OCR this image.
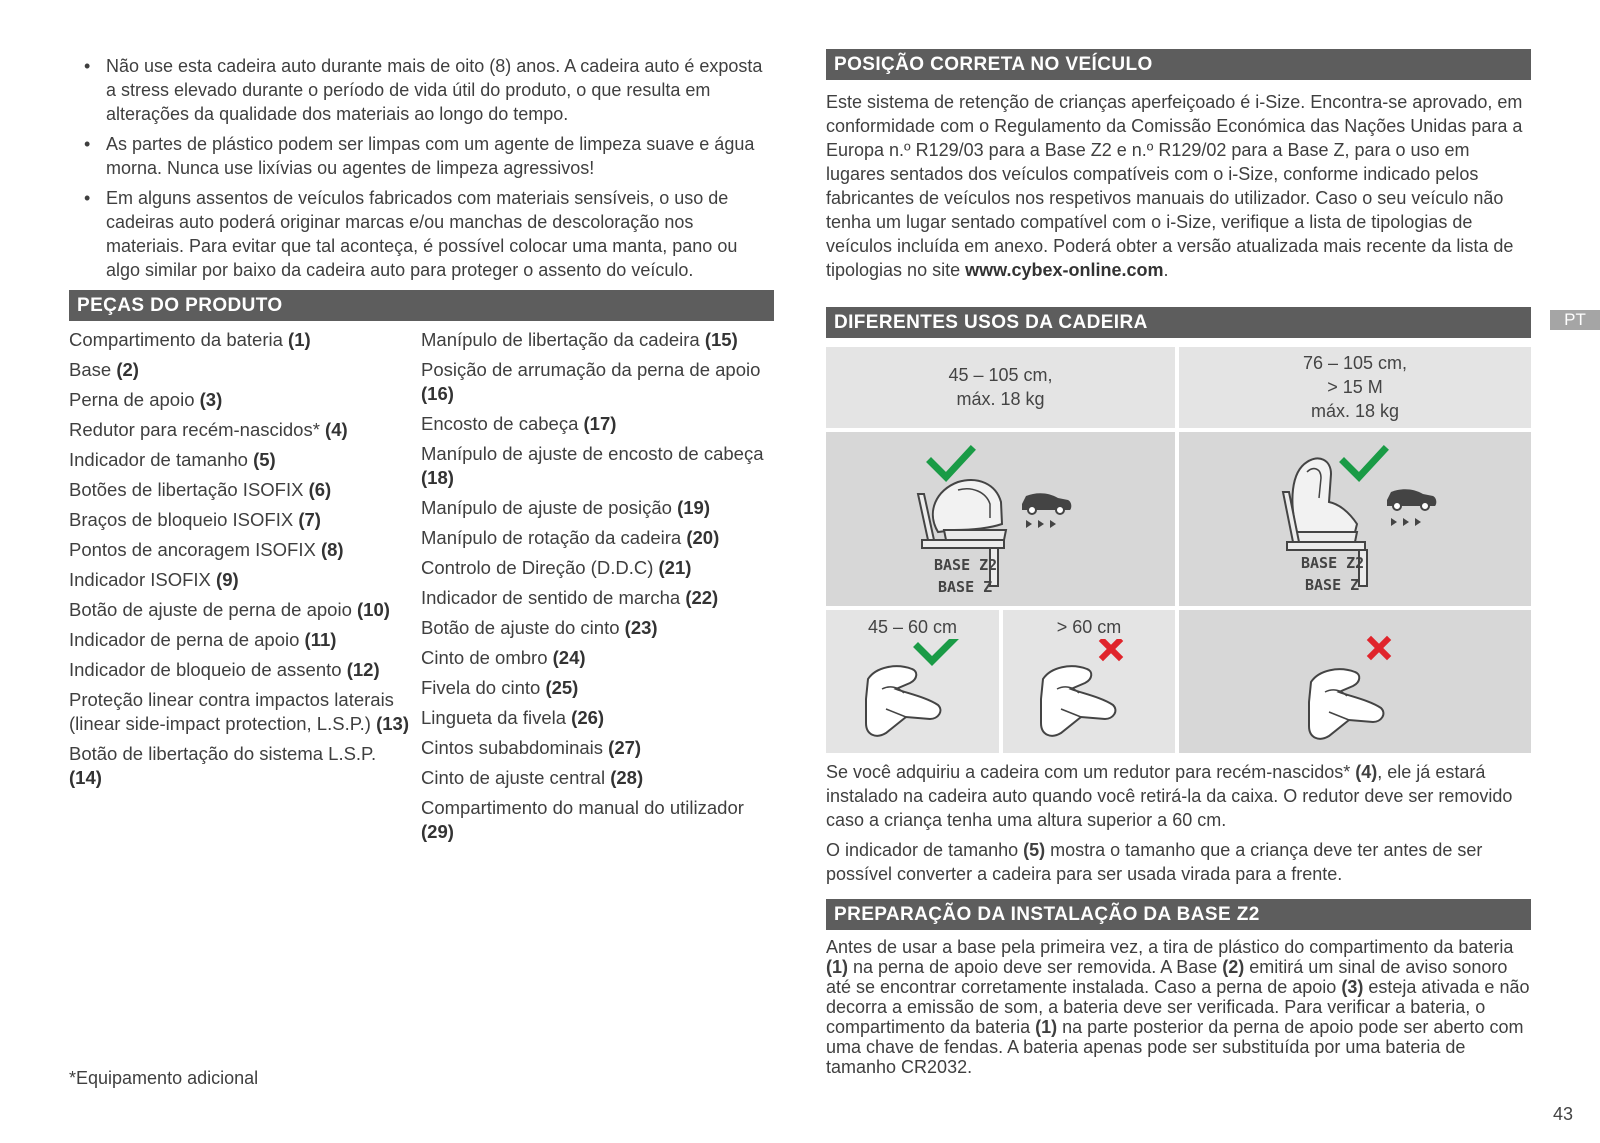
• Não use esta cadeira auto durante mais de oito (8) anos. A cadeira auto é exposta a stress elevado durante o período de vida útil do produto, o que resulta em alterações da qualidade dos materiais ao longo do tempo.
• As partes de plástico podem ser limpas com um agente de limpeza suave e água morna. Nunca use lixívias ou agentes de limpeza agressivos!
• Em alguns assentos de veículos fabricados com materiais sensíveis, o uso de cadeiras auto poderá originar marcas e/ou manchas de descoloração nos materiais. Para evitar que tal aconteça, é possível colocar uma manta, pano ou algo similar por baixo da cadeira auto para proteger o assento do veículo.
PEÇAS DO PRODUTO
Compartimento da bateria (1)
Base (2)
Perna de apoio (3)
Redutor para recém-nascidos* (4)
Indicador de tamanho (5)
Botões de libertação ISOFIX (6)
Braços de bloqueio ISOFIX (7)
Pontos de ancoragem ISOFIX (8)
Indicador ISOFIX (9)
Botão de ajuste de perna de apoio (10)
Indicador de perna de apoio (11)
Indicador de bloqueio de assento (12)
Proteção linear contra impactos laterais (linear side-impact protection, L.S.P.) (13)
Botão de libertação do sistema L.S.P. (14)
Manípulo de libertação da cadeira (15)
Posição de arrumação da perna de apoio (16)
Encosto de cabeça (17)
Manípulo de ajuste de encosto de cabeça (18)
Manípulo de ajuste de posição (19)
Manípulo de rotação da cadeira (20)
Controlo de Direção (D.D.C) (21)
Indicador de sentido de marcha (22)
Botão de ajuste do cinto (23)
Cinto de ombro (24)
Fivela do cinto (25)
Lingueta da fivela (26)
Cintos subabdominais (27)
Cinto de ajuste central (28)
Compartimento do manual do utilizador (29)
*Equipamento adicional
POSIÇÃO CORRETA NO VEÍCULO
Este sistema de retenção de crianças aperfeiçoado é i-Size. Encontra-se aprovado, em conformidade com o Regulamento da Comissão Económica das Nações Unidas para a Europa n.º R129/03 para a Base Z2 e n.º R129/02 para a Base Z, para o uso em lugares sentados dos veículos compatíveis com o i-Size, conforme indicado pelos fabricantes de veículos nos respetivos manuais do utilizador. Caso o seu veículo não tenha um lugar sentado compatível com o i-Size, verifique a lista de tipologias de veículos incluída em anexo. Poderá obter a versão atualizada mais recente da lista de tipologias no site www.cybex-online.com.
DIFERENTES USOS DA CADEIRA
45 – 105 cm,
máx. 18 kg
76 – 105 cm,
> 15 M
máx. 18 kg
BASE Z2
BASE Z
BASE Z2
BASE Z
45 – 60 cm	> 60 cm
Se você adquiriu a cadeira com um redutor para recém-nascidos* (4), ele já estará instalado na cadeira auto quando você retirá-la da caixa. O redutor deve ser removido caso a criança tenha uma altura superior a 60 cm.
O indicador de tamanho (5) mostra o tamanho que a criança deve ter antes de ser possível converter a cadeira para ser usada virada para a frente.
PREPARAÇÃO DA INSTALAÇÃO DA BASE Z2
Antes de usar a base pela primeira vez, a tira de plástico do compartimento da bateria (1) na perna de apoio deve ser removida. A Base (2) emitirá um sinal de aviso sonoro até se encontrar corretamente instalada. Caso a perna de apoio (3) esteja ativada e não decorra a emissão de som, a bateria deve ser verificada. Para verificar a bateria, o compartimento da bateria (1) na parte posterior da perna de apoio pode ser aberto com uma chave de fendas. A bateria apenas pode ser substituída por uma bateria de tamanho CR2032.
PT
43
